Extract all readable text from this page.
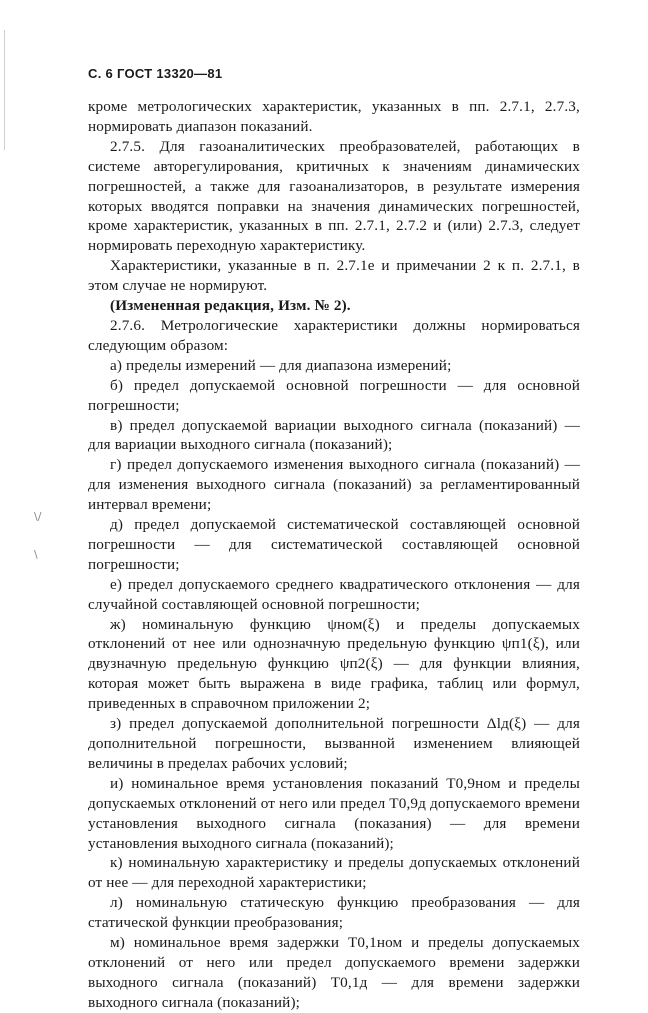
\/
\
С. 6 ГОСТ 13320—81

кроме метрологических характеристик, указанных в пп. 2.7.1, 2.7.3, нормировать диапазон показаний.

2.7.5. Для газоаналитических преобразователей, работающих в системе авторегулирования, критичных к значениям динамических погрешностей, а также для газоанализаторов, в результате измерения которых вводятся поправки на значения динамических погрешностей, кроме характеристик, указанных в пп. 2.7.1, 2.7.2 и (или) 2.7.3, следует нормировать переходную характеристику.

Характеристики, указанные в п. 2.7.1е и примечании 2 к п. 2.7.1, в этом случае не нормируют.

(Измененная редакция, Изм. № 2).

2.7.6. Метрологические характеристики должны нормироваться следующим образом:

а) пределы измерений — для диапазона измерений;

б) предел допускаемой основной погрешности — для основной погрешности;

в) предел допускаемой вариации выходного сигнала (показаний) — для вариации выходного сигнала (показаний);

г) предел допускаемого изменения выходного сигнала (показаний) — для изменения выходного сигнала (показаний) за регламентированный интервал времени;

д) предел допускаемой систематической составляющей основной погрешности — для систематической составляющей основной погрешности;

е) предел допускаемого среднего квадратического отклонения — для случайной составляющей основной погрешности;

ж) номинальную функцию ψном(ξ) и пределы допускаемых отклонений от нее или однозначную предельную функцию ψп1(ξ), или двузначную предельную функцию ψп2(ξ) — для функции влияния, которая может быть выражена в виде графика, таблиц или формул, приведенных в справочном приложении 2;

з) предел допускаемой дополнительной погрешности Δlд(ξ) — для дополнительной погрешности, вызванной изменением влияющей величины в пределах рабочих условий;

и) номинальное время установления показаний T0,9ном и пределы допускаемых отклонений от него или предел T0,9д допускаемого времени установления выходного сигнала (показания) — для времени установления выходного сигнала (показаний);

к) номинальную характеристику и пределы допускаемых отклонений от нее — для переходной характеристики;

л) номинальную статическую функцию преобразования — для статической функции преобразования;

м) номинальное время задержки T0,1ном и пределы допускаемых отклонений от него или предел допускаемого времени задержки выходного сигнала (показаний) T0,1д — для времени задержки выходного сигнала (показаний);
